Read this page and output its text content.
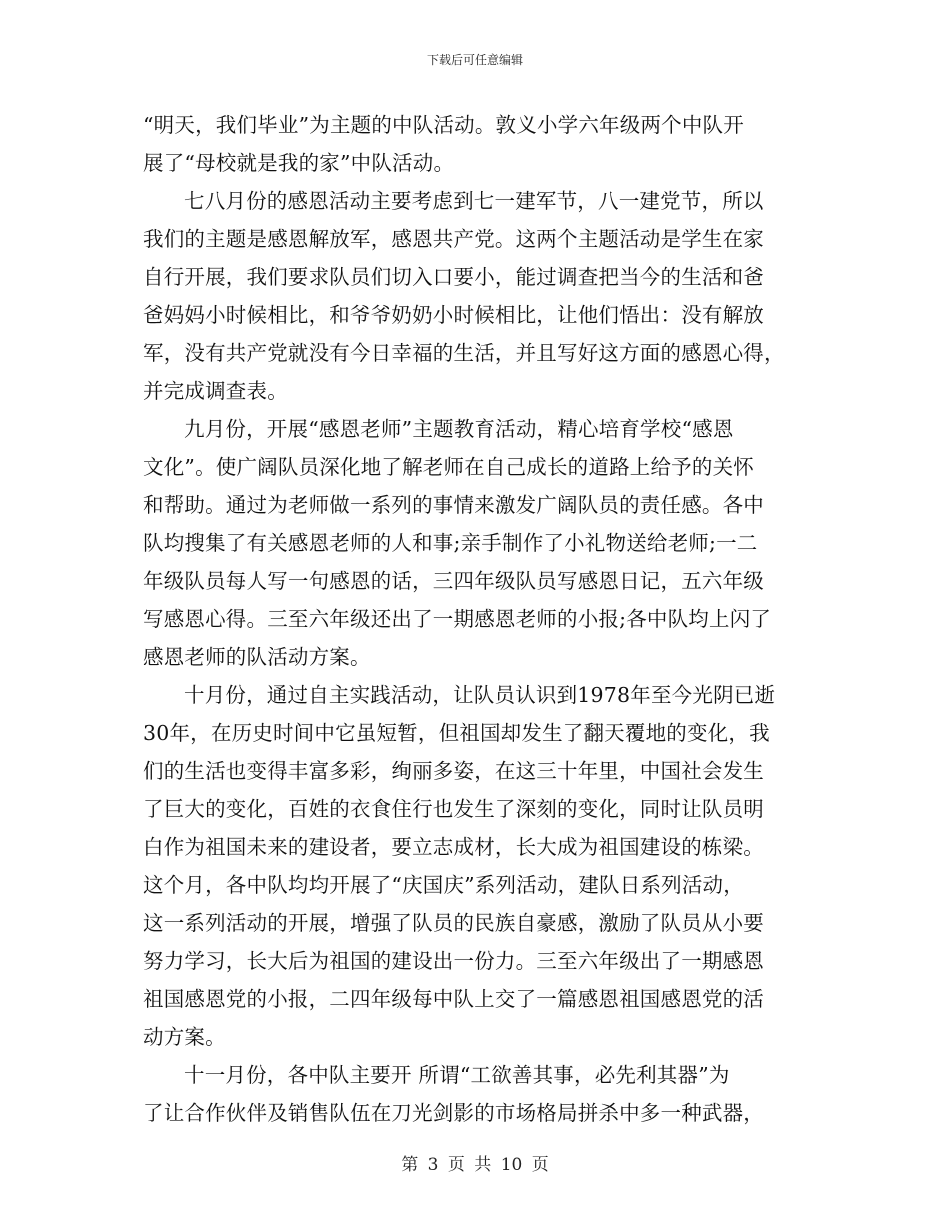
下载后可任意编辑
“明天，我们毕业”为主题的中队活动。敦义小学六年级两个中队开
展了“母校就是我的家”中队活动。
七八月份的感恩活动主要考虑到七一建军节，八一建党节，所以
我们的主题是感恩解放军，感恩共产党。这两个主题活动是学生在家
自行开展，我们要求队员们切入口要小，能过调查把当今的生活和爸
爸妈妈小时候相比，和爷爷奶奶小时候相比，让他们悟出：没有解放
军，没有共产党就没有今日幸福的生活，并且写好这方面的感恩心得，
并完成调查表。
九月份，开展“感恩老师”主题教育活动，精心培育学校“感恩
文化”。使广阔队员深化地了解老师在自己成长的道路上给予的关怀
和帮助。通过为老师做一系列的事情来激发广阔队员的责任感。各中
队均搜集了有关感恩老师的人和事;亲手制作了小礼物送给老师;一二
年级队员每人写一句感恩的话，三四年级队员写感恩日记，五六年级
写感恩心得。三至六年级还出了一期感恩老师的小报;各中队均上闪了
感恩老师的队活动方案。
十月份，通过自主实践活动，让队员认识到1978年至今光阴已逝
30年，在历史时间中它虽短暂，但祖国却发生了翻天覆地的变化，我
们的生活也变得丰富多彩，绚丽多姿，在这三十年里，中国社会发生
了巨大的变化，百姓的衣食住行也发生了深刻的变化，同时让队员明
白作为祖国未来的建设者，要立志成材，长大成为祖国建设的栋梁。
这个月，各中队均均开展了“庆国庆”系列活动，建队日系列活动，
这一系列活动的开展，增强了队员的民族自豪感，激励了队员从小要
努力学习，长大后为祖国的建设出一份力。三至六年级出了一期感恩
祖国感恩党的小报，二四年级每中队上交了一篇感恩祖国感恩党的活
动方案。
十一月份，各中队主要开 所谓“工欲善其事，必先利其器”为
了让合作伙伴及销售队伍在刀光剑影的市场格局拼杀中多一种武器，
第 3 页 共 10 页
